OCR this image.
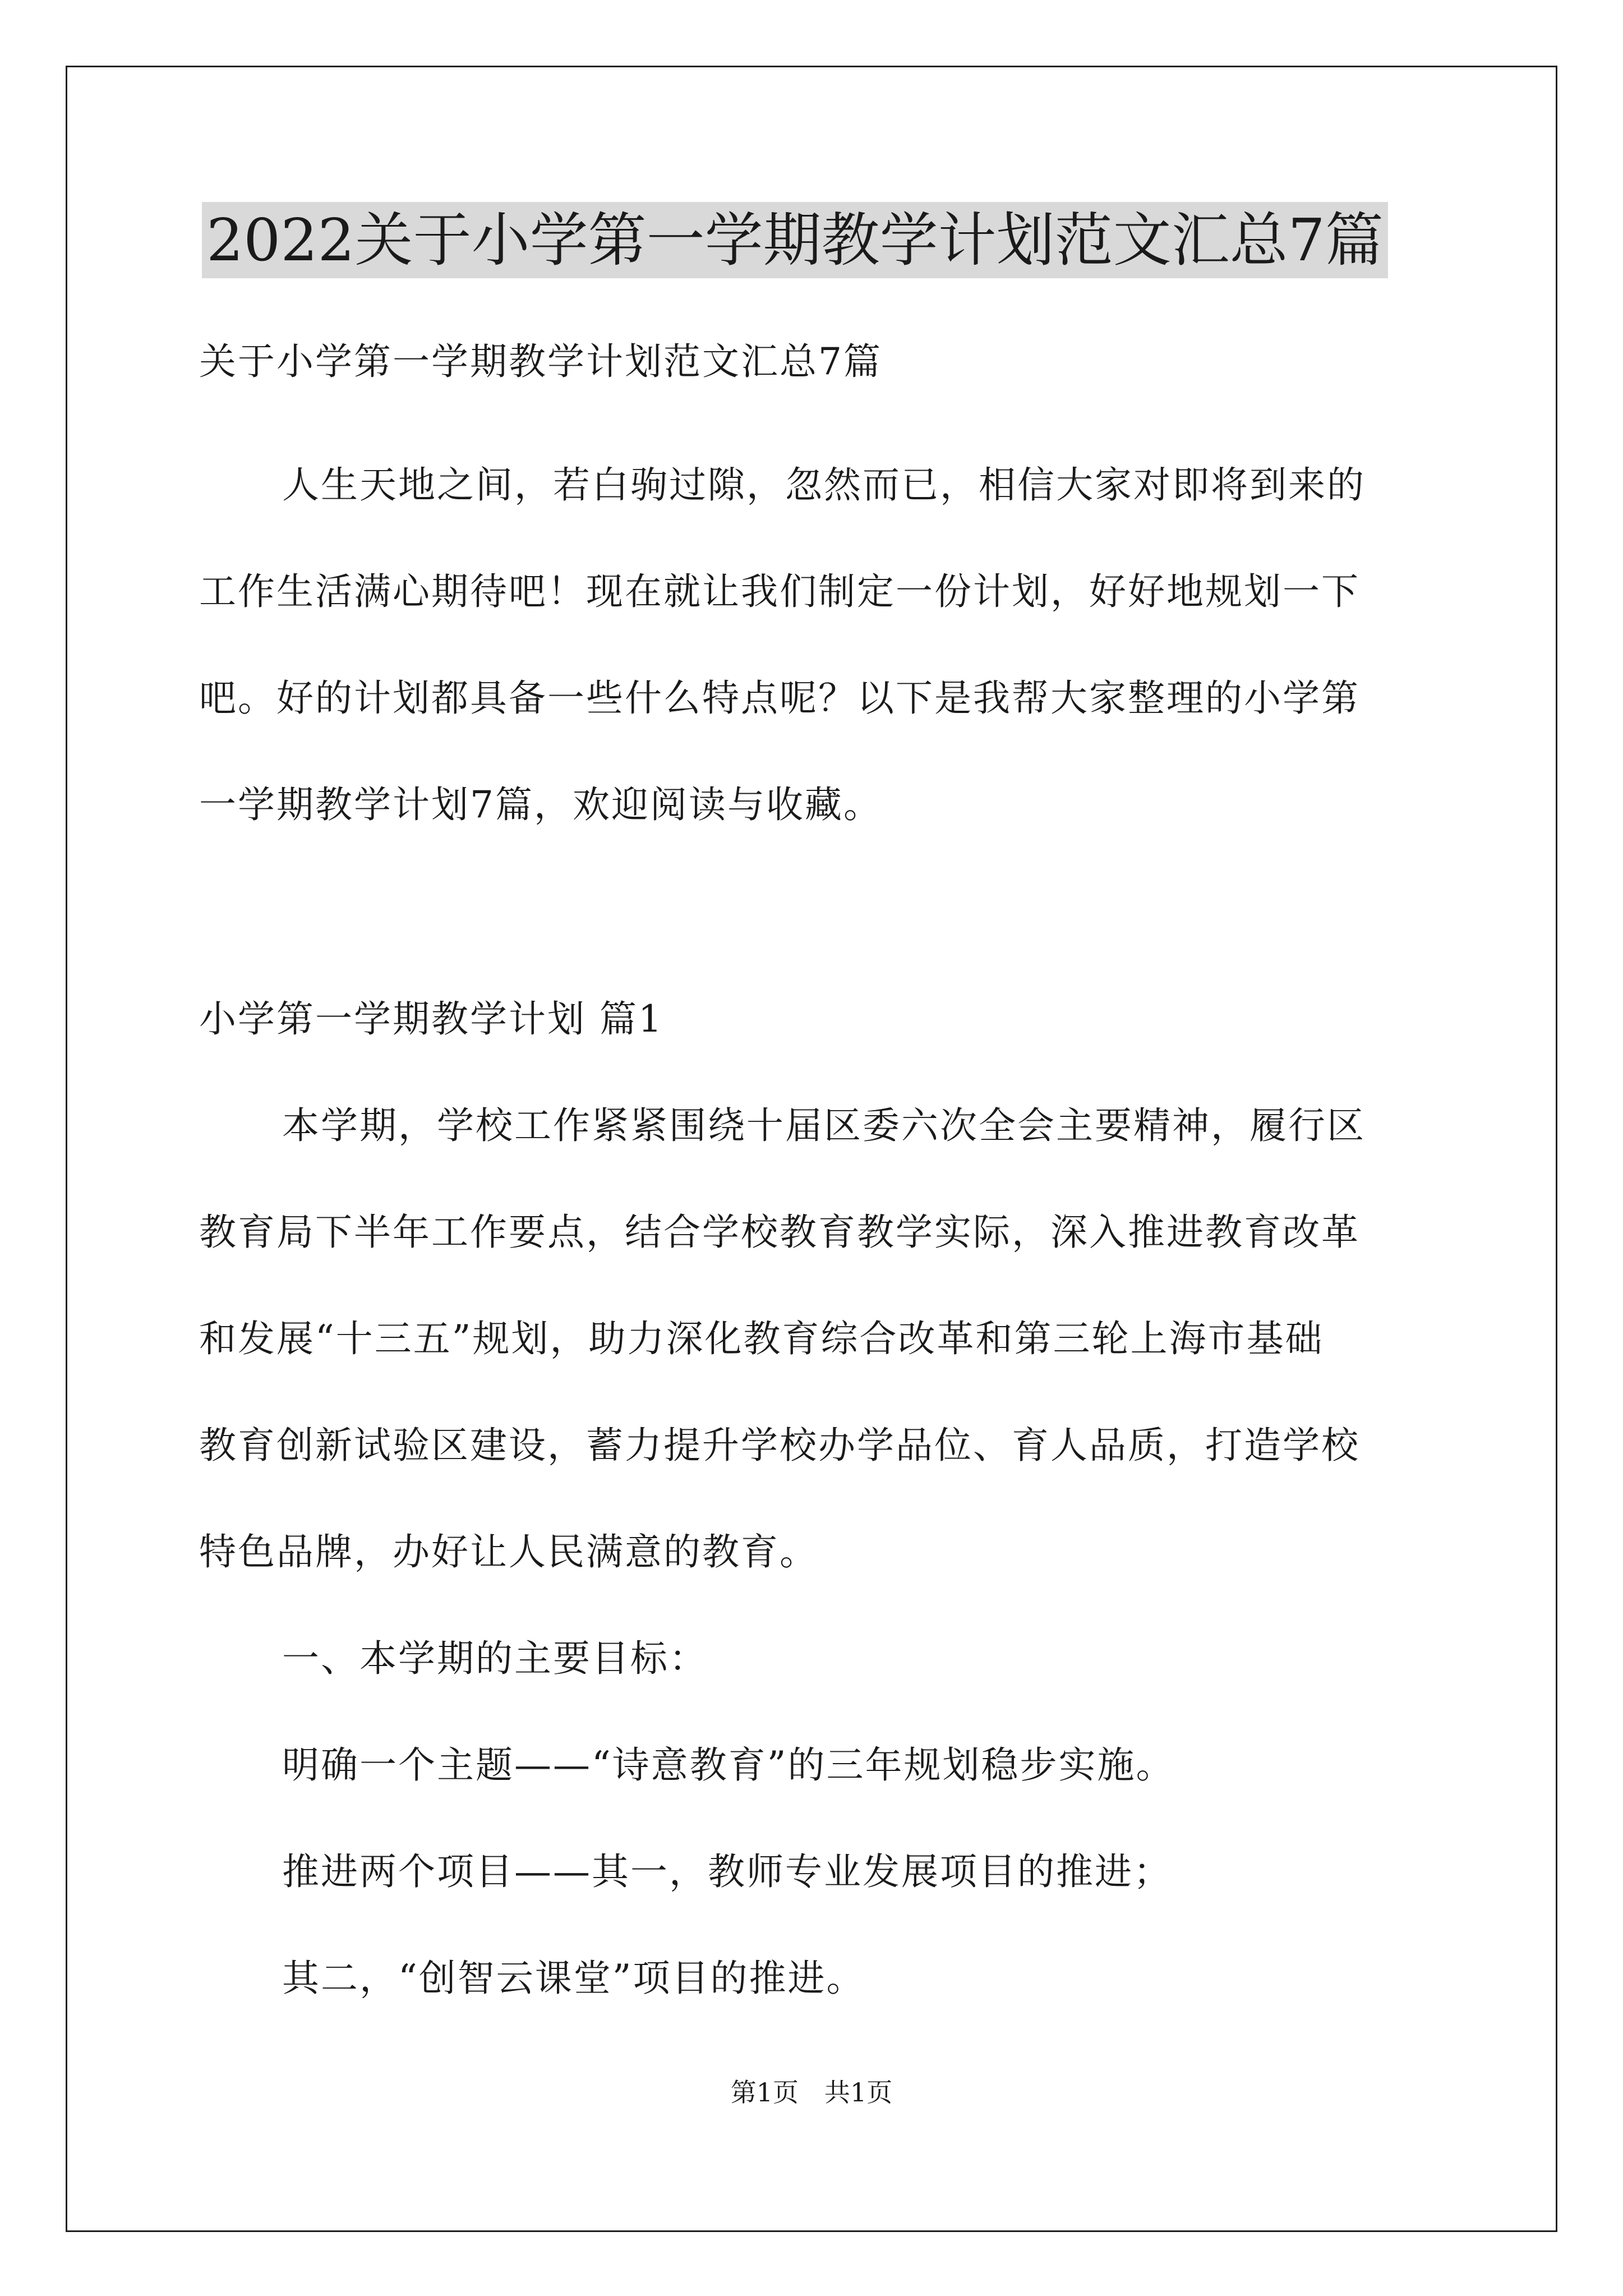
2022关于小学第一学期教学计划范文汇总7篇
关于小学第一学期教学计划范文汇总7篇
人生天地之间，若白驹过隙，忽然而已，相信大家对即将到来的
工作生活满心期待吧！现在就让我们制定一份计划，好好地规划一下
吧。好的计划都具备一些什么特点呢？以下是我帮大家整理的小学第
一学期教学计划7篇，欢迎阅读与收藏。
小学第一学期教学计划 篇1
本学期，学校工作紧紧围绕十届区委六次全会主要精神，履行区
教育局下半年工作要点，结合学校教育教学实际，深入推进教育改革
和发展“十三五”规划，助力深化教育综合改革和第三轮上海市基础
教育创新试验区建设，蓄力提升学校办学品位、育人品质，打造学校
特色品牌，办好让人民满意的教育。
一、本学期的主要目标：
明确一个主题——“诗意教育”的三年规划稳步实施。
推进两个项目——其一，教师专业发展项目的推进；
其二，“创智云课堂”项目的推进。
第1页　共1页
